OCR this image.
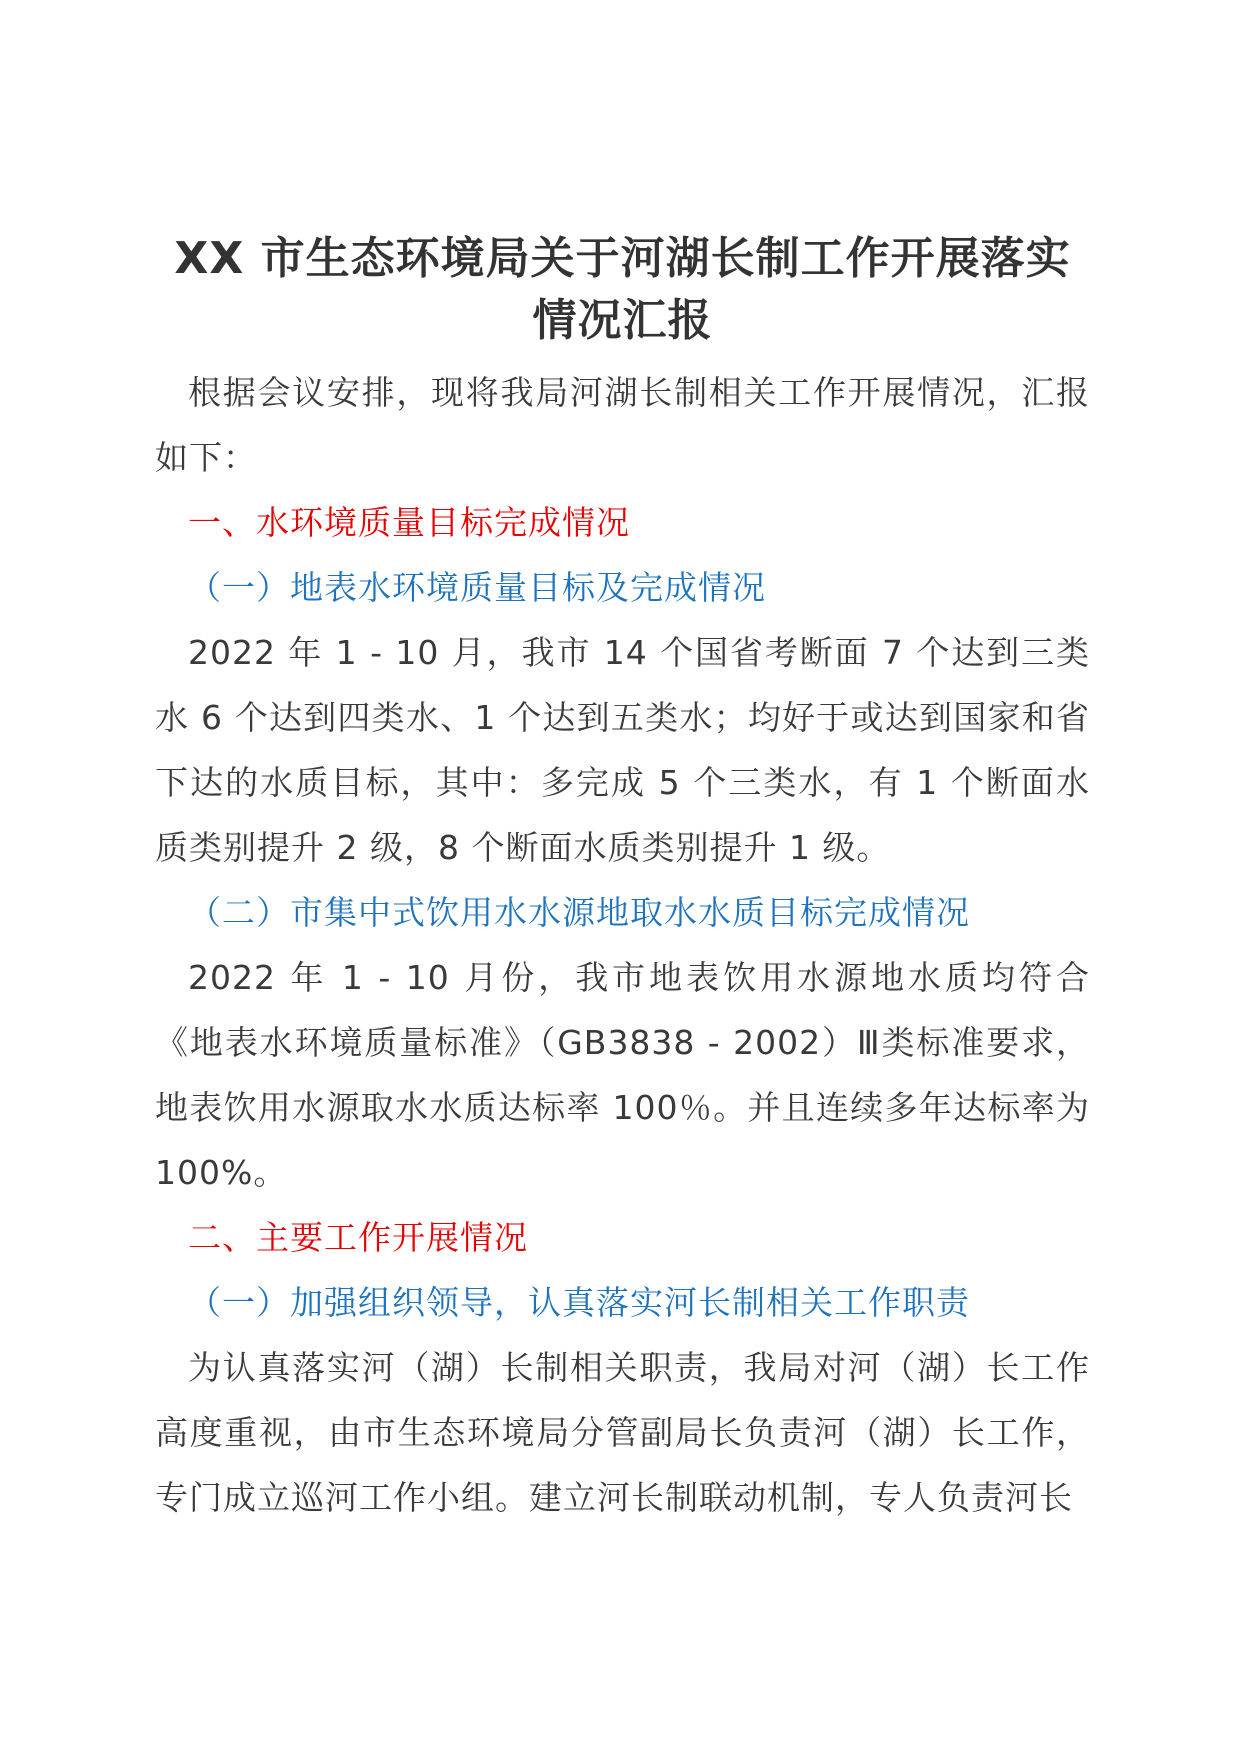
XX 市生态环境局关于河湖长制工作开展落实情况汇报

根据会议安排，现将我局河湖长制相关工作开展情况，汇报如下：

一、水环境质量目标完成情况

（一）地表水环境质量目标及完成情况

2022 年 1 - 10 月，我市 14 个国省考断面 7 个达到三类水 6 个达到四类水、1 个达到五类水；均好于或达到国家和省下达的水质目标，其中：多完成 5 个三类水，有 1 个断面水质类别提升 2 级，8 个断面水质类别提升 1 级。

（二）市集中式饮用水水源地取水水质目标完成情况

2022 年 1 - 10 月份，我市地表饮用水源地水质均符合《地表水环境质量标准》（GB3838 - 2002）Ⅲ类标准要求，地表饮用水源取水水质达标率 100％。并且连续多年达标率为 100%。

二、主要工作开展情况

（一）加强组织领导，认真落实河长制相关工作职责

为认真落实河（湖）长制相关职责，我局对河（湖）长工作高度重视，由市生态环境局分管副局长负责河（湖）长工作，专门成立巡河工作小组。建立河长制联动机制，专人负责河长
